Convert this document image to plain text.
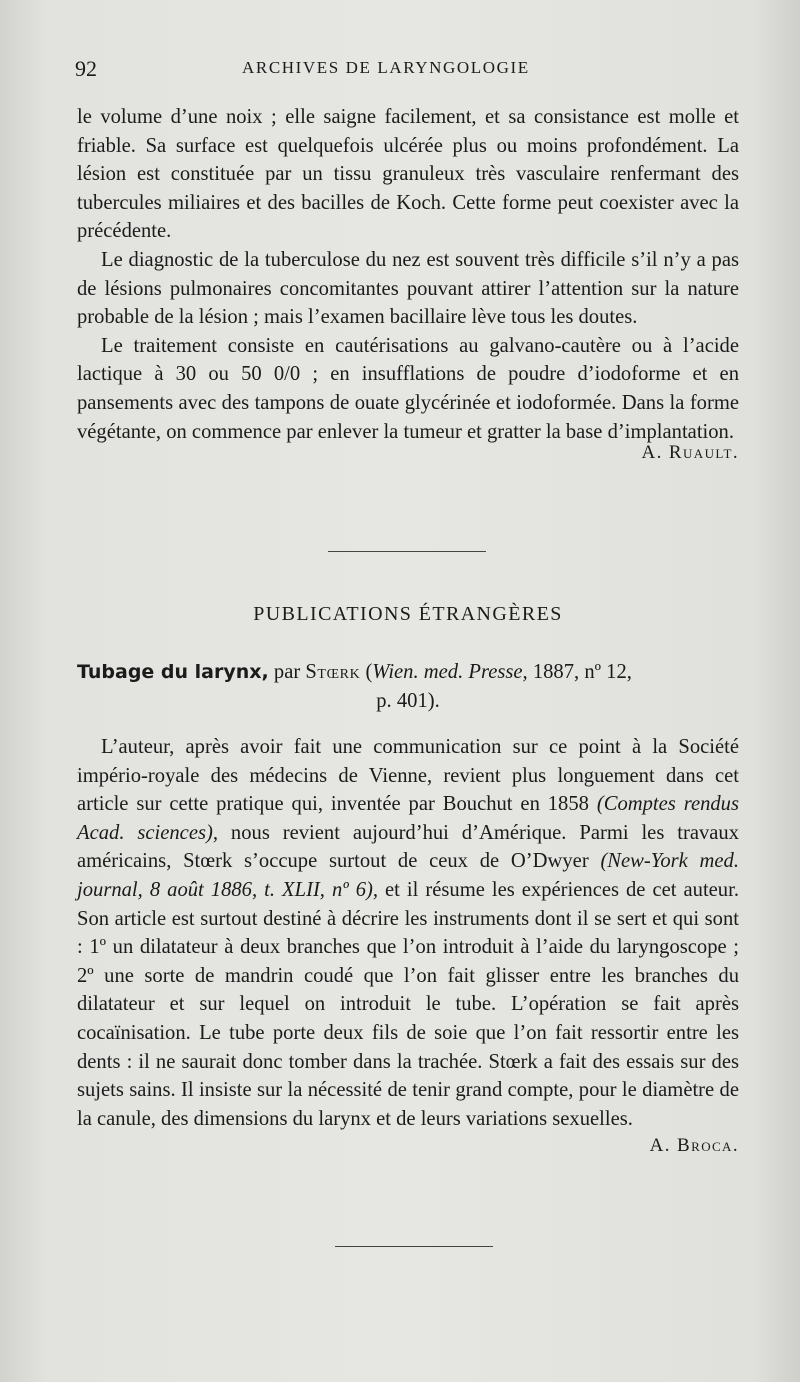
92	ARCHIVES DE LARYNGOLOGIE

le volume d’une noix ; elle saigne facilement, et sa consistance est molle et friable. Sa surface est quelquefois ulcérée plus ou moins profondément. La lésion est constituée par un tissu granuleux très vasculaire renfermant des tubercules miliaires et des bacilles de Koch. Cette forme peut coexister avec la précédente.

Le diagnostic de la tuberculose du nez est souvent très difficile s’il n’y a pas de lésions pulmonaires concomitantes pouvant attirer l’attention sur la nature probable de la lésion ; mais l’examen bacillaire lève tous les doutes.

Le traitement consiste en cautérisations au galvano-cautère ou à l’acide lactique à 30 ou 50 0/0 ; en insufflations de poudre d’iodoforme et en pansements avec des tampons de ouate glycérinée et iodoformée. Dans la forme végétante, on commence par enlever la tumeur et gratter la base d’implantation.

A. Ruault.
PUBLICATIONS ÉTRANGÈRES
Tubage du larynx, par Stœrk (Wien. med. Presse, 1887, nº 12,
p. 401).

L’auteur, après avoir fait une communication sur ce point à la Société império-royale des médecins de Vienne, revient plus longuement dans cet article sur cette pratique qui, inventée par Bouchut en 1858 (Comptes rendus Acad. sciences), nous revient aujourd’hui d’Amérique. Parmi les travaux américains, Stœrk s’occupe surtout de ceux de O’Dwyer (New-York med. journal, 8 août 1886, t. XLII, nº 6), et il résume les expériences de cet auteur. Son article est surtout destiné à décrire les instruments dont il se sert et qui sont : 1º un dilatateur à deux branches que l’on introduit à l’aide du laryngoscope ; 2º une sorte de mandrin coudé que l’on fait glisser entre les branches du dilatateur et sur lequel on introduit le tube. L’opération se fait après cocaïnisation. Le tube porte deux fils de soie que l’on fait ressortir entre les dents : il ne saurait donc tomber dans la trachée. Stœrk a fait des essais sur des sujets sains. Il insiste sur la nécessité de tenir grand compte, pour le diamètre de la canule, des dimensions du larynx et de leurs variations sexuelles.

A. Broca.
